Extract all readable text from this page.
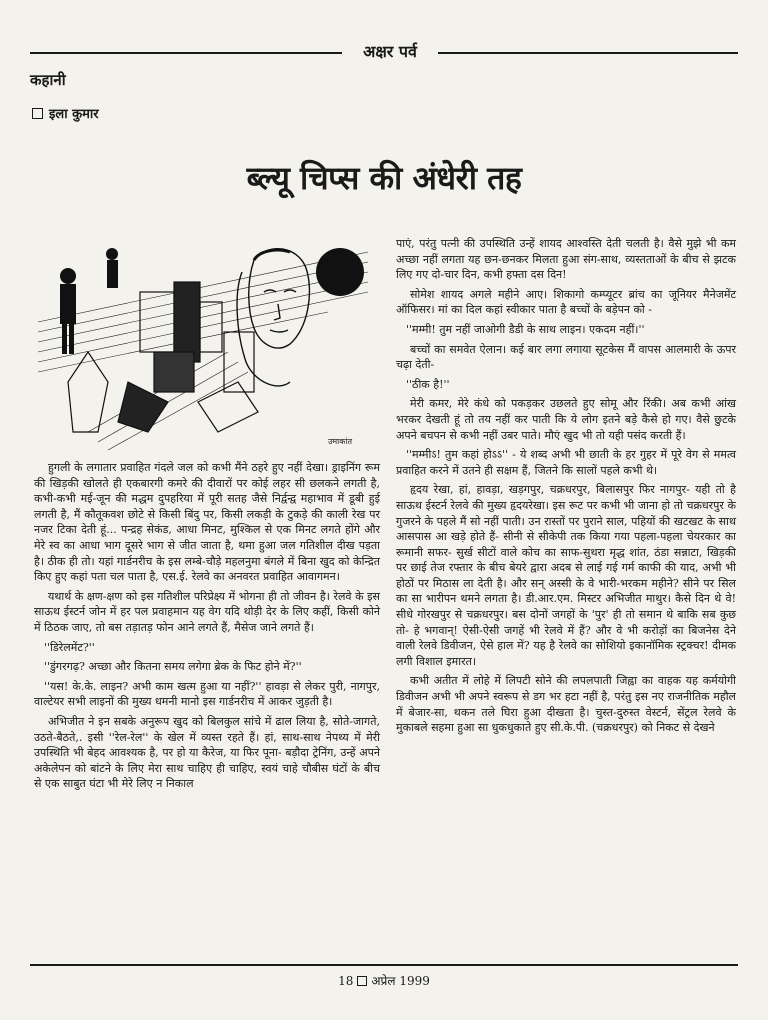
अक्षर पर्व
कहानी
इला कुमार
ब्ल्यू चिप्स की अंधेरी तह
उमाकांत

पाएं, परंतु पत्नी की उपस्थिति उन्हें शायद आश्वस्ति देती चलती है। वैसे मुझे भी कम अच्छा नहीं लगता यह छन-छनकर मिलता हुआ संग-साथ, व्यस्तताओं के बीच से झटक लिए गए दो-चार दिन, कभी हफ्ता दस दिन!

सोमेश शायद अगले महीने आए। शिकागो कम्प्यूटर ब्रांच का जूनियर मैनेजमेंट ऑफिसर। मां का दिल कहां स्वीकार पाता है बच्चों के बड़ेपन को -

''मम्मी! तुम नहीं जाओगी डैडी के साथ लाइन। एकदम नहीं।''

बच्चों का समवेत ऐलान। कई बार लगा लगाया सूटकेस मैं वापस आलमारी के ऊपर चढ़ा देती-

''ठीक है!''

मेरी कमर, मेरे कंधे को पकड़कर उछलते हुए सोमू और रिंकी। अब कभी आंख भरकर देखती हूं तो तय नहीं कर पाती कि ये लोग इतने बड़े कैसे हो गए। वैसे छुटके अपने बचपन से कभी नहीं उबर पाते। मौएं खुद भी तो यही पसंद करती हैं।

''मम्मीऽ! तुम कहां होऽऽ'' - ये शब्द अभी भी छाती के हर गुहर में पूरे वेग से ममत्व प्रवाहित करने में उतने ही सक्षम हैं, जितने कि सालों पहले कभी थे।

हृदय रेखा, हां, हावड़ा, खड़गपुर, चक्रधरपुर, बिलासपुर फिर नागपुर- यही तो है साऊथ ईस्टर्न रेलवे की मुख्य हृदयरेखा। इस रूट पर कभी भी जाना हो तो चक्रधरपुर के गुजरने के पहले मैं सो नहीं पाती। उन रास्तों पर पुराने साल, पहियों की खटखट के साथ आसपास आ खड़े होते हैं- सीनी से सीकेपी तक किया गया पहला-पहला चेयरकार का रूमानी सफर- सुर्ख सीटों वाले कोच का साफ-सुथरा मृद्ध शांत, ठंडा सन्नाटा, खिड़की पर छाई तेज रफ्तार के बीच बेयरे द्वारा अदब से लाई गई गर्म काफी की याद, अभी भी होठों पर मिठास ला देती है। और सन् अस्सी के वे भारी-भरकम महीने? सीने पर सिल का सा भारीपन थमने लगता है। डी.आर.एम. मिस्टर अभिजीत माथुर। कैसे दिन थे वे! सीधे गोरखपुर से चक्रधरपुर। बस दोनों जगहों के 'पुर' ही तो समान थे बाकि सब कुछ तो- हे भगवान्! ऐसी-ऐसी जगहें भी रेलवे में हैं? और वे भी करोड़ों का बिजनेस देने वाली रेलवे डिवीजन, ऐसे हाल में? यह है रेलवे का सोशियो इकानॉमिक स्ट्रक्चर! दीमक लगी विशाल इमारत।

कभी अतीत में लोहे में लिपटी सोने की लपलपाती जिह्वा का वाहक यह कर्मयोगी डिवीजन अभी भी अपने स्वरूप से डग भर हटा नहीं है, परंतु इस नए राजनीतिक महौल में बेजार-सा, थकन तले घिरा हुआ दीखता है। चुस्त-दुरुस्त वेस्टर्न, सेंट्रल रेलवे के मुकाबले सहमा हुआ सा धुकधुकाते हुए सी.के.पी. (चक्रधरपुर) को निकट से देखने

हुगली के लगातार प्रवाहित गंदले जल को कभी मैंने ठहरे हुए नहीं देखा। ड्राइनिंग रूम की खिड़की खोलते ही एकबारगी कमरे की दीवारों पर कोई लहर सी छलकने लगती है, कभी-कभी मई-जून की मद्धम दुपहरिया में पूरी सतह जैसे निर्द्वन्द्व महाभाव में डूबी हुई लगती है, मैं कौतूकवश छोटे से किसी बिंदु पर, किसी लकड़ी के टुकड़े की काली रेख पर नजर टिका देती हूं... पन्द्रह सेकंड, आधा मिनट, मुश्किल से एक मिनट लगते होंगे और मेरे स्व का आधा भाग दूसरे भाग से जीत जाता है, थमा हुआ जल गतिशील दीख पड़ता है। ठीक ही तो। यहां गार्डनरीच के इस लम्बे-चौड़े महलनुमा बंगले में बिना खुद को केन्द्रित किए हुए कहां पता चल पाता है, एस.ई. रेलवे का अनवरत प्रवाहित आवागमन।

यथार्थ के क्षण-क्षण को इस गतिशील परिप्रेक्ष्य में भोगना ही तो जीवन है। रेलवे के इस साऊथ ईस्टर्न जोन में हर पल प्रवाहमान यह वेग यदि थोड़ी देर के लिए कहीं, किसी कोने में ठिठक जाए, तो बस तड़ातड़ फोन आने लगते हैं, मैसेज जाने लगते हैं।

''डिरेलमेंट?''

''डुंगरगढ़? अच्छा और कितना समय लगेगा ब्रेक के फिट होने में?''

''यस! के.के. लाइन? अभी काम खत्म हुआ या नहीं?'' हावड़ा से लेकर पुरी, नागपुर, वाल्टेयर सभी लाइनों की मुख्य धमनी मानो इस गार्डनरीच में आकर जुड़ती है।

अभिजीत ने इन सबके अनुरूप खुद को बिलकुल सांचे में ढाल लिया है, सोते-जागते, उठते-बैठते,. इसी ''रेल-रेल'' के खेल में व्यस्त रहते हैं। हां, साथ-साथ नेपथ्य में मेरी उपस्थिति भी बेहद आवश्यक है, पर हो या कैरेज, या फिर पूना- बड़ौदा ट्रेनिंग, उन्हें अपने अकेलेपन को बांटने के लिए मेरा साथ चाहिए ही चाहिए, स्वयं चाहे चौबीस घंटों के बीच से एक साबुत घंटा भी मेरे लिए न निकाल

18 अप्रेल 1999
